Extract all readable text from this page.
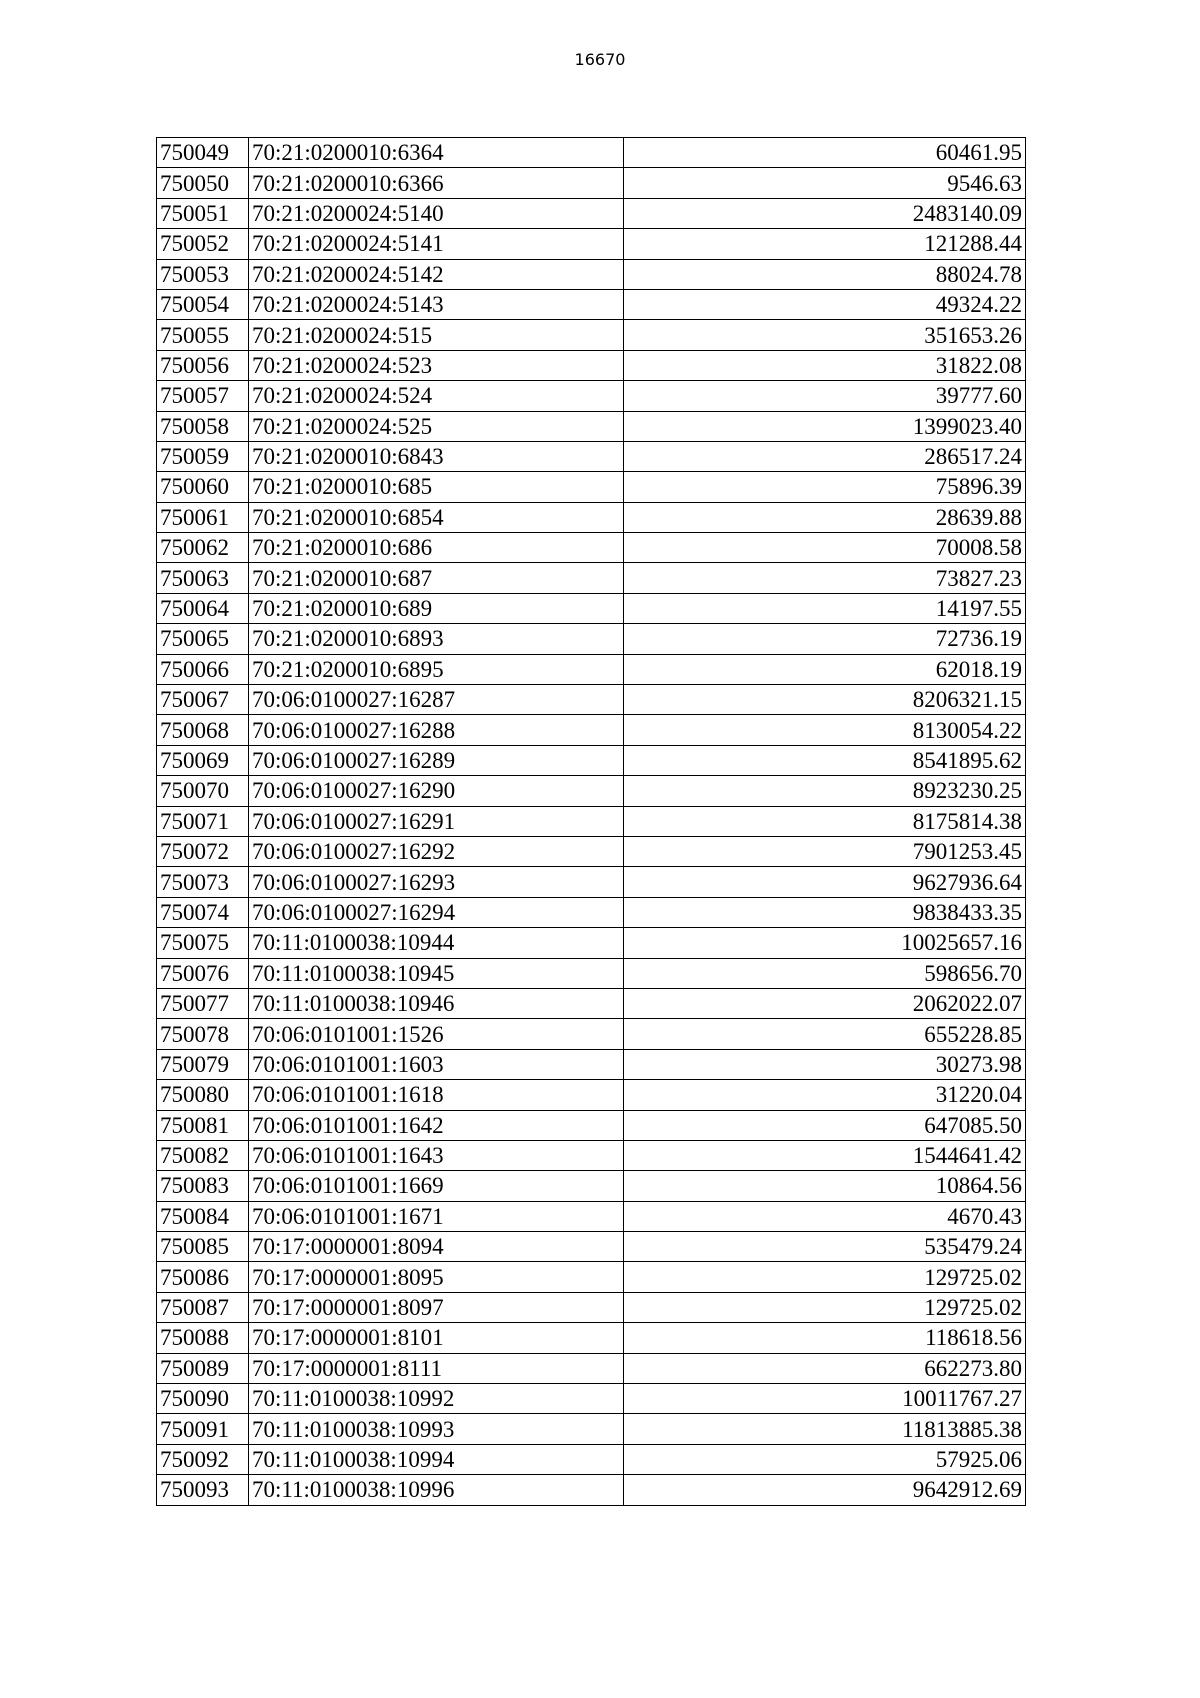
16670
750049	70:21:0200010:6364	60461.95
750050	70:21:0200010:6366	9546.63
750051	70:21:0200024:5140	2483140.09
750052	70:21:0200024:5141	121288.44
750053	70:21:0200024:5142	88024.78
750054	70:21:0200024:5143	49324.22
750055	70:21:0200024:515	351653.26
750056	70:21:0200024:523	31822.08
750057	70:21:0200024:524	39777.60
750058	70:21:0200024:525	1399023.40
750059	70:21:0200010:6843	286517.24
750060	70:21:0200010:685	75896.39
750061	70:21:0200010:6854	28639.88
750062	70:21:0200010:686	70008.58
750063	70:21:0200010:687	73827.23
750064	70:21:0200010:689	14197.55
750065	70:21:0200010:6893	72736.19
750066	70:21:0200010:6895	62018.19
750067	70:06:0100027:16287	8206321.15
750068	70:06:0100027:16288	8130054.22
750069	70:06:0100027:16289	8541895.62
750070	70:06:0100027:16290	8923230.25
750071	70:06:0100027:16291	8175814.38
750072	70:06:0100027:16292	7901253.45
750073	70:06:0100027:16293	9627936.64
750074	70:06:0100027:16294	9838433.35
750075	70:11:0100038:10944	10025657.16
750076	70:11:0100038:10945	598656.70
750077	70:11:0100038:10946	2062022.07
750078	70:06:0101001:1526	655228.85
750079	70:06:0101001:1603	30273.98
750080	70:06:0101001:1618	31220.04
750081	70:06:0101001:1642	647085.50
750082	70:06:0101001:1643	1544641.42
750083	70:06:0101001:1669	10864.56
750084	70:06:0101001:1671	4670.43
750085	70:17:0000001:8094	535479.24
750086	70:17:0000001:8095	129725.02
750087	70:17:0000001:8097	129725.02
750088	70:17:0000001:8101	118618.56
750089	70:17:0000001:8111	662273.80
750090	70:11:0100038:10992	10011767.27
750091	70:11:0100038:10993	11813885.38
750092	70:11:0100038:10994	57925.06
750093	70:11:0100038:10996	9642912.69
